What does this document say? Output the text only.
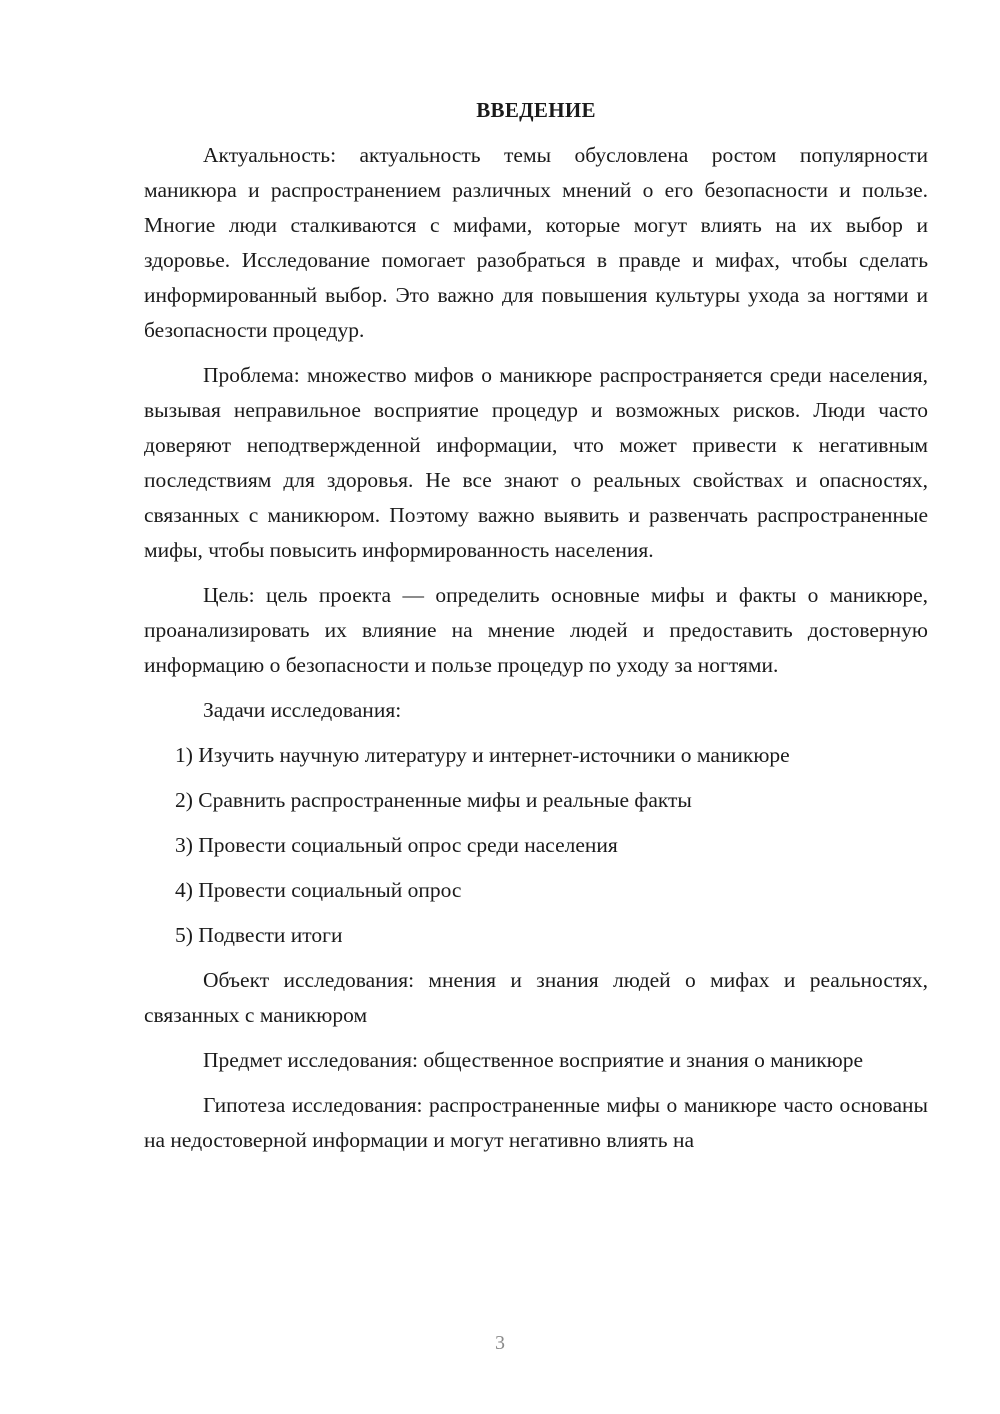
ВВЕДЕНИЕ

Актуальность: актуальность темы обусловлена ростом популярности маникюра и распространением различных мнений о его безопасности и пользе. Многие люди сталкиваются с мифами, которые могут влиять на их выбор и здоровье. Исследование помогает разобраться в правде и мифах, чтобы сделать информированный выбор. Это важно для повышения культуры ухода за ногтями и безопасности процедур.

Проблема: множество мифов о маникюре распространяется среди населения, вызывая неправильное восприятие процедур и возможных рисков. Люди часто доверяют неподтвержденной информации, что может привести к негативным последствиям для здоровья. Не все знают о реальных свойствах и опасностях, связанных с маникюром. Поэтому важно выявить и развенчать распространенные мифы, чтобы повысить информированность населения.

Цель: цель проекта — определить основные мифы и факты о маникюре, проанализировать их влияние на мнение людей и предоставить достоверную информацию о безопасности и пользе процедур по уходу за ногтями.

Задачи исследования:

1) Изучить научную литературу и интернет-источники о маникюре
2) Сравнить распространенные мифы и реальные факты
3) Провести социальный опрос среди населения
4) Провести социальный опрос
5) Подвести итоги

Объект исследования: мнения и знания людей о мифах и реальностях, связанных с маникюром

Предмет исследования: общественное восприятие и знания о маникюре

Гипотеза исследования: распространенные мифы о маникюре часто основаны на недостоверной информации и могут негативно влиять на

3
